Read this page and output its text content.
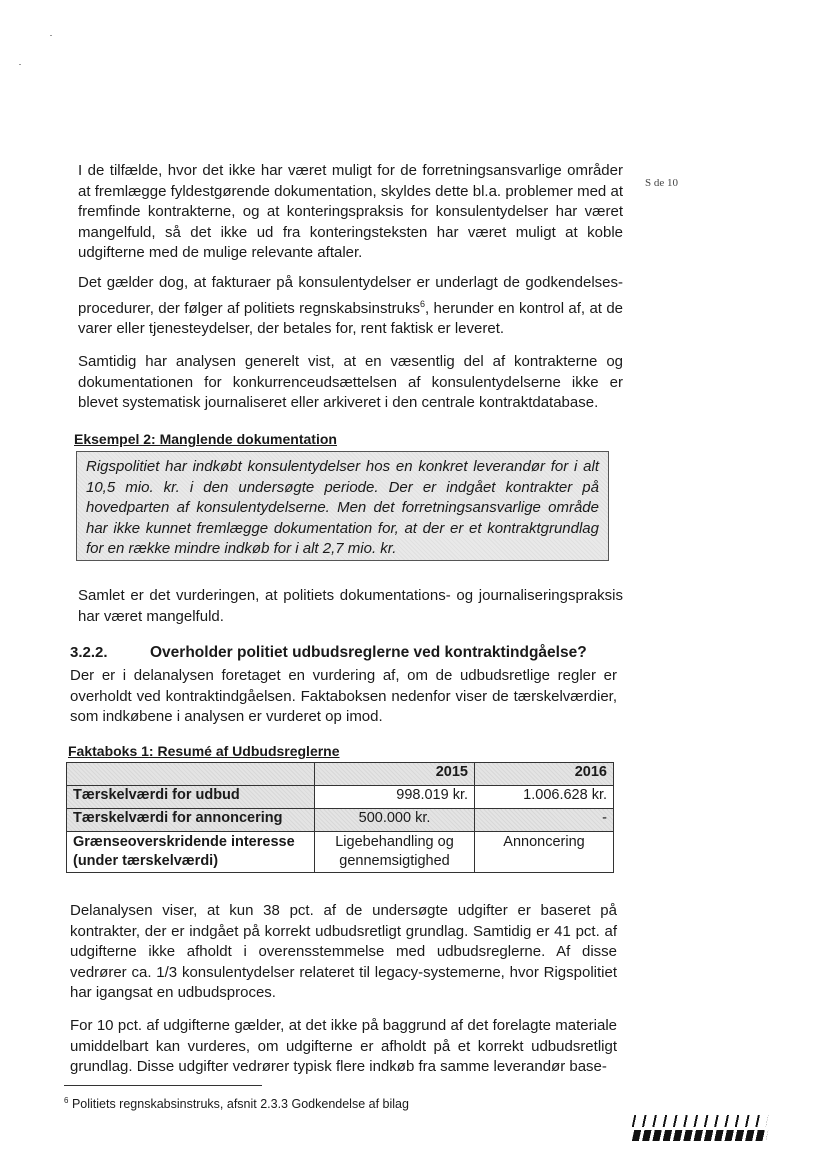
S de 10

I de tilfælde, hvor det ikke har været muligt for de forretningsansvarlige områder at fremlægge fyldestgørende dokumentation, skyldes dette bl.a. problemer med at fremfinde kontrakterne, og at konteringspraksis for konsulentydelser har været mangelfuld, så det ikke ud fra konteringsteksten har været muligt at koble udgifterne med de mulige relevante aftaler.

Det gælder dog, at fakturaer på konsulentydelser er underlagt de godkendelsesprocedurer, der følger af politiets regnskabsinstruks$^6$, herunder en kontrol af, at de varer eller tjenesteydelser, der betales for, rent faktisk er leveret.

Samtidig har analysen generelt vist, at en væsentlig del af kontrakterne og dokumentationen for konkurrenceudsættelsen af konsulentydelserne ikke er blevet systematisk journaliseret eller arkiveret i den centrale kontraktdatabase.

Eksempel 2: Manglende dokumentation

Rigspolitiet har indkøbt konsulentydelser hos en konkret leverandør for i alt 10,5 mio. kr. i den undersøgte periode. Der er indgået kontrakter på hovedparten af konsulentydelserne. Men det forretningsansvarlige område har ikke kunnet fremlægge dokumentation for, at der er et kontraktgrundlag for en række mindre indkøb for i alt 2,7 mio. kr.

Samlet er det vurderingen, at politiets dokumentations- og journaliseringspraksis har været mangelfuld.

3.2.2.	Overholder politiet udbudsreglerne ved kontraktindgåelse?

Der er i delanalysen foretaget en vurdering af, om de udbudsretlige regler er overholdt ved kontraktindgåelsen. Faktaboksen nedenfor viser de tærskelværdier, som indkøbene i analysen er vurderet op imod.

Faktaboks 1: Resumé af Udbudsreglerne
	2015	2016
Tærskelværdi for udbud	998.019 kr.	1.006.628 kr.
Tærskelværdi for annoncering	500.000 kr.	-
Grænseoverskridende interesse (under tærskelværdi)	Ligebehandling og gennemsigtighed	Annoncering

Delanalysen viser, at kun 38 pct. af de undersøgte udgifter er baseret på kontrakter, der er indgået på korrekt udbudsretligt grundlag. Samtidig er 41 pct. af udgifterne ikke afholdt i overensstemmelse med udbudsreglerne. Af disse vedrører ca. 1/3 konsulentydelser relateret til legacy-systemerne, hvor Rigspolitiet har igangsat en udbudsproces.

For 10 pct. af udgifterne gælder, at det ikke på baggrund af det forelagte materiale umiddelbart kan vurderes, om udgifterne er afholdt på et korrekt udbudsretligt grundlag. Disse udgifter vedrører typisk flere indkøb fra samme leverandør base-

$^6$ Politiets regnskabsinstruks, afsnit 2.3.3 Godkendelse af bilag
